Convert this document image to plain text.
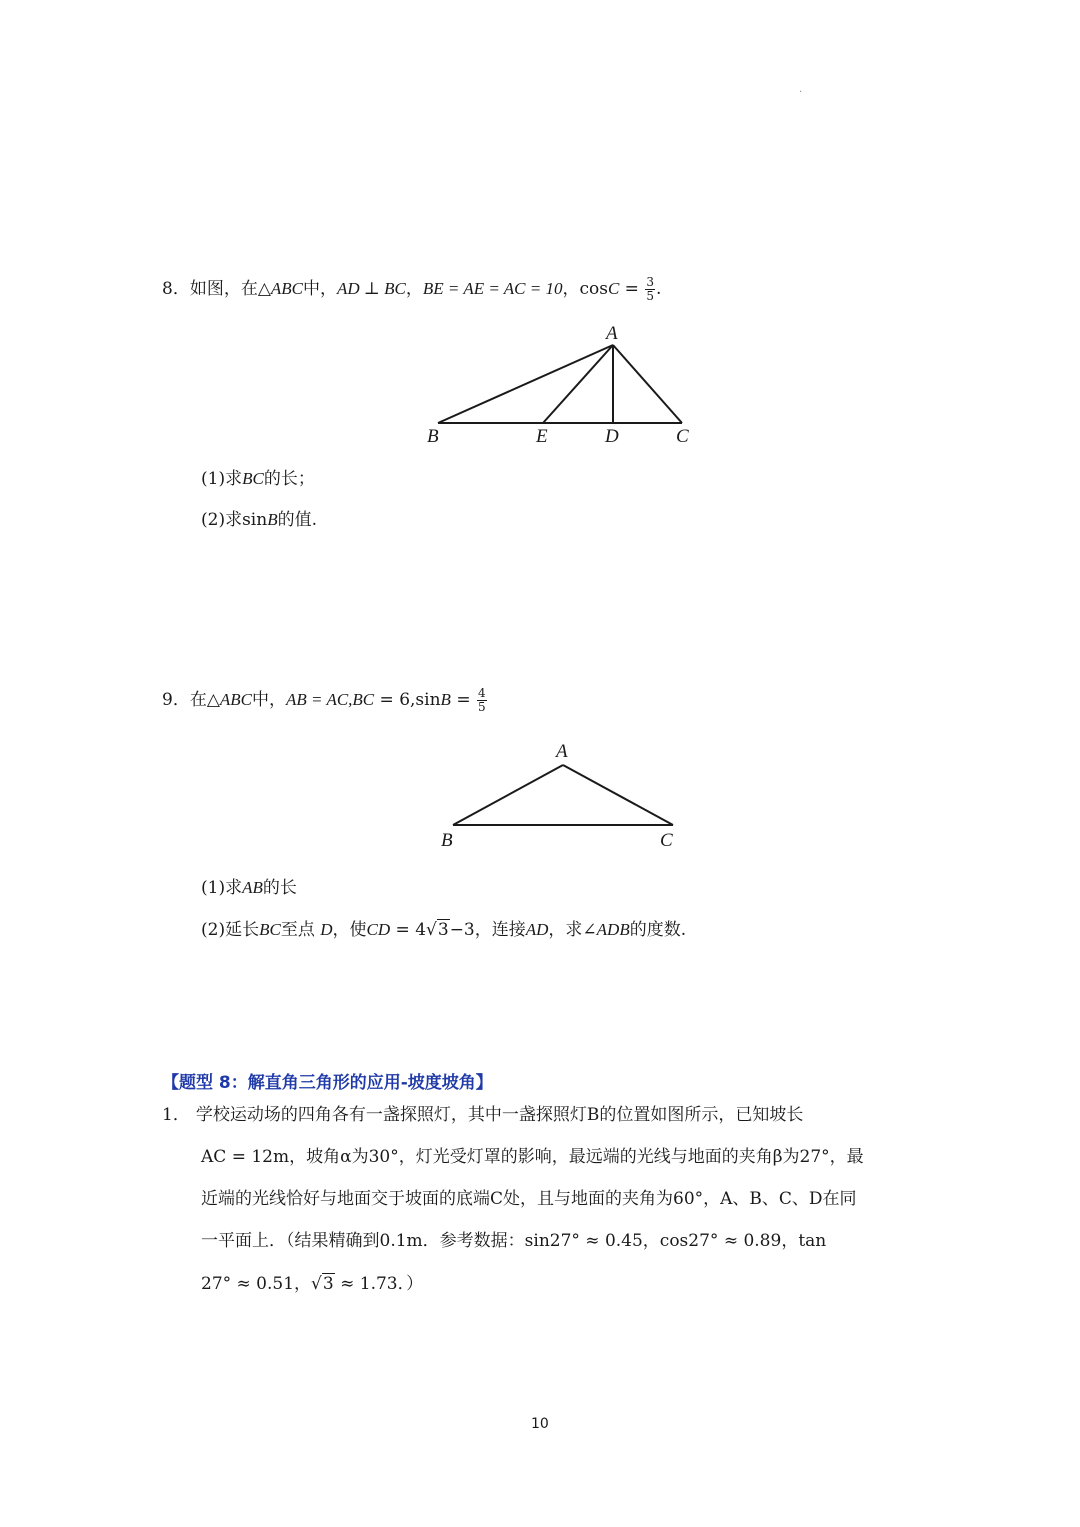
.
8．如图，在△ABC中，AD ⊥ BC，BE = AE = AC = 10，$\cos C = \frac{3}{5}$ .
A
B	E	D	C
(1)求BC的长；
(2)求sinB的值.
9．在△ABC中，AB = $AC,BC = 6,\sin B = \frac{4}{5}$
A
B	C
(1)求AB的长
(2)延长BC至点 D，使CD = 4√3−3，连接AD，求∠ADB的度数.
【题型 8：解直角三角形的应用-坡度坡角】
1． 学校运动场的四角各有一盏探照灯，其中一盏探照灯B的位置如图所示，已知坡长
AC = 12m，坡角α为30°，灯光受灯罩的影响，最远端的光线与地面的夹角β为27°，最
近端的光线恰好与地面交于坡面的底端C处，且与地面的夹角为60°，A、B、C、D在同
一平面上．（结果精确到0.1m．参考数据：sin27° ≈ 0.45，cos27° ≈ 0.89，tan
27° ≈ 0.51，√3 ≈ 1.73．）
10
